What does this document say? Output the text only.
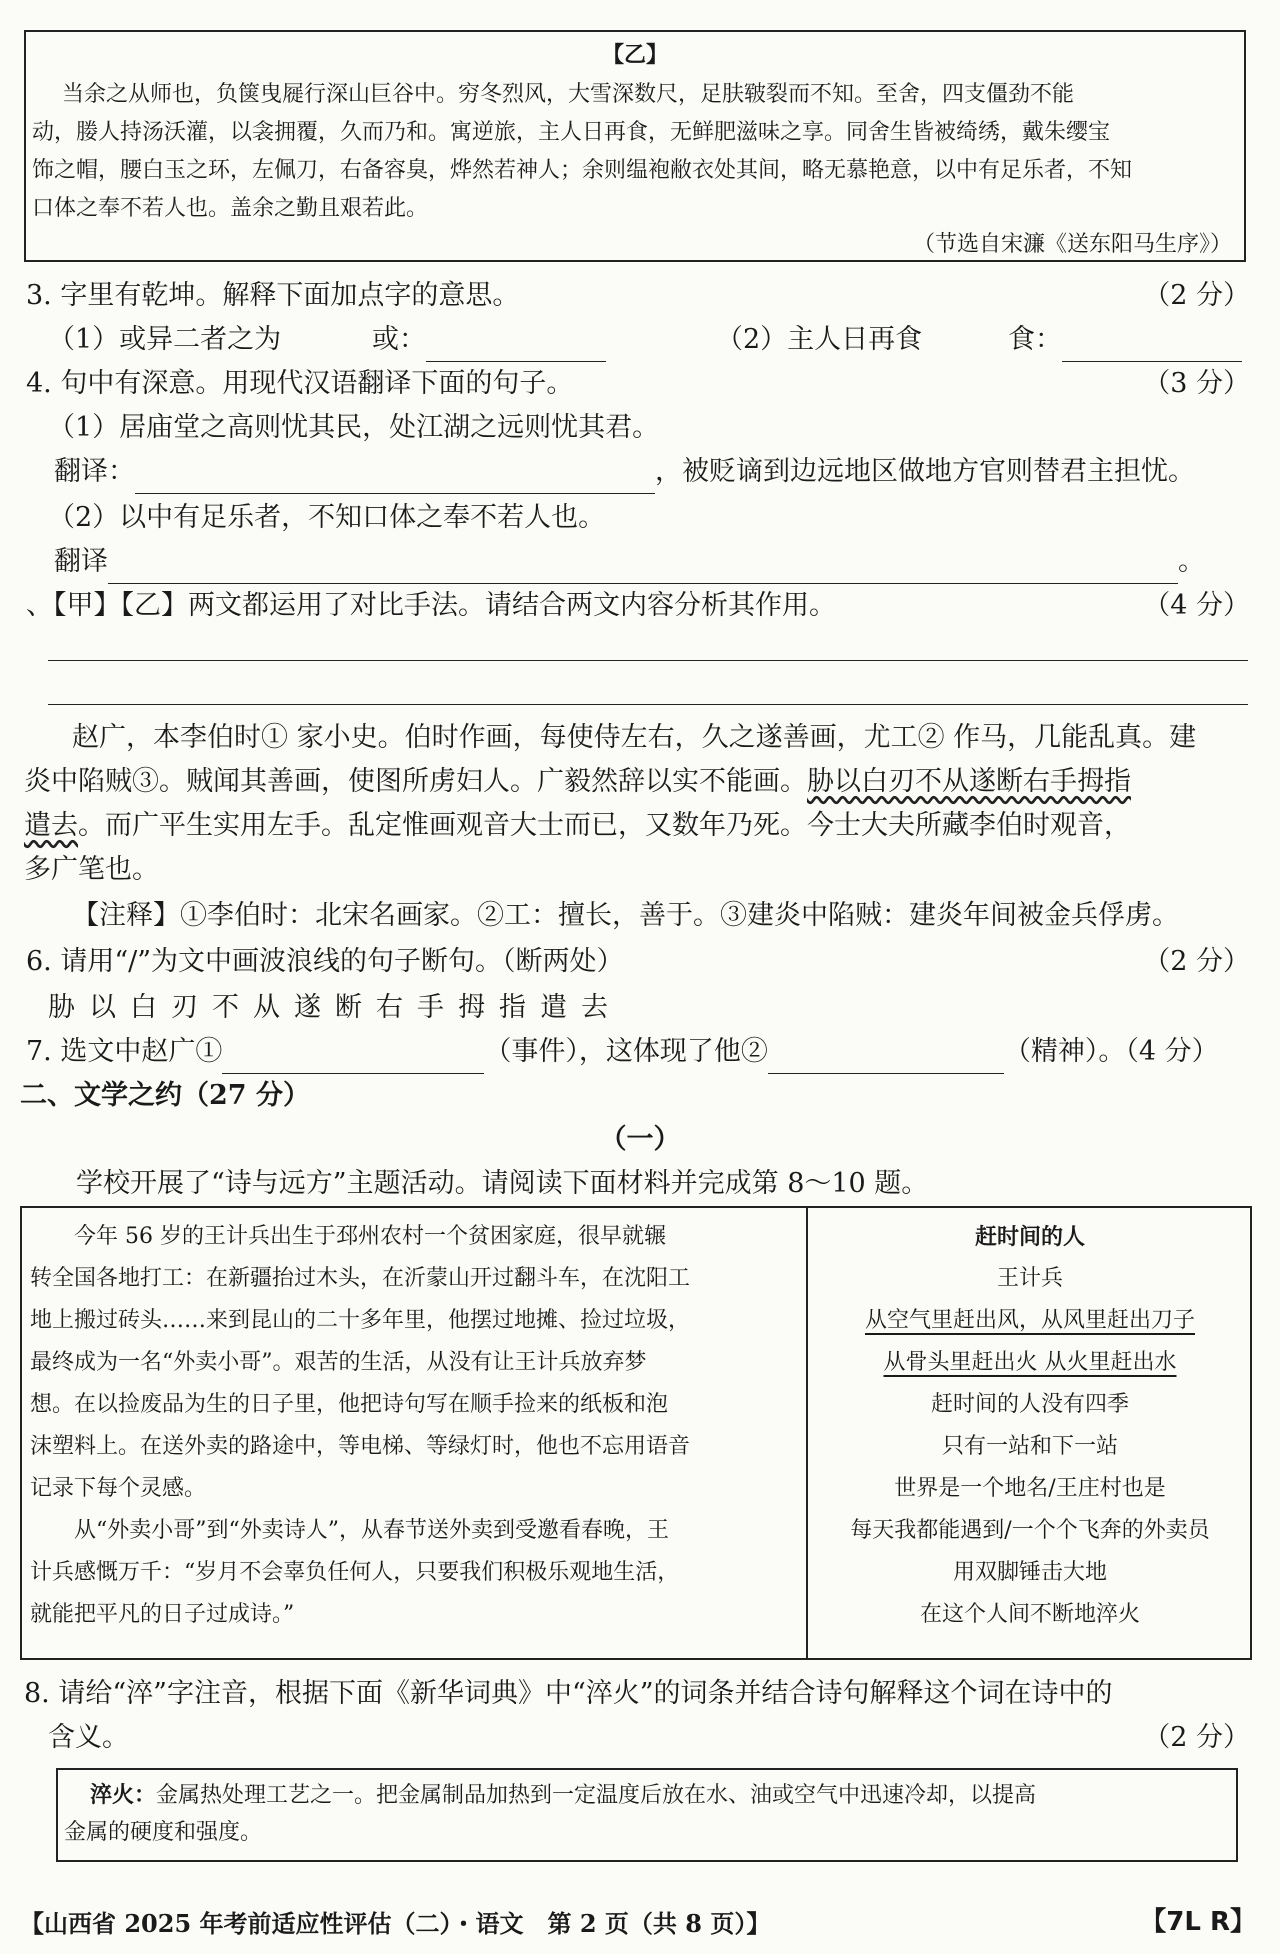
【乙】
当余之从师也，负箧曳屣行深山巨谷中。穷冬烈风，大雪深数尺，足肤皲裂而不知。至舍，四支僵劲不能
动，媵人持汤沃灌，以衾拥覆，久而乃和。寓逆旅，主人日再食，无鲜肥滋味之享。同舍生皆被绮绣，戴朱缨宝
饰之帽，腰白玉之环，左佩刀，右备容臭，烨然若神人；余则缊袍敝衣处其间，略无慕艳意，以中有足乐者，不知
口体之奉不若人也。盖余之勤且艰若此。
（节选自宋濂《送东阳马生序》）
3. 字里有乾坤。解释下面加点字的意思。	（2 分）
（1）或异二者之为	或：	（2）主人日再食	食：
4. 句中有深意。用现代汉语翻译下面的句子。	（3 分）
（1）居庙堂之高则忧其民，处江湖之远则忧其君。
翻译：	，被贬谪到边远地区做地方官则替君主担忧。
（2）以中有足乐者，不知口体之奉不若人也。
翻译	。
、【甲】【乙】两文都运用了对比手法。请结合两文内容分析其作用。	（4 分）
赵广，本李伯时① 家小史。伯时作画，每使侍左右，久之遂善画，尤工② 作马，几能乱真。建
炎中陷贼③。贼闻其善画，使图所虏妇人。广毅然辞以实不能画。胁以白刃不从遂断右手拇指
遣去。而广平生实用左手。乱定惟画观音大士而已，又数年乃死。今士大夫所藏李伯时观音，
多广笔也。
【注释】①李伯时：北宋名画家。②工：擅长，善于。③建炎中陷贼：建炎年间被金兵俘虏。
6. 请用“/”为文中画波浪线的句子断句。（断两处）	（2 分）
胁以白刃不从遂断右手拇指遣去
7. 选文中赵广①	（事件），这体现了他②	（精神）。（4 分）
二、文学之约（27 分）
（一）
学校开展了“诗与远方”主题活动。请阅读下面材料并完成第 8～10 题。
今年 56 岁的王计兵出生于邳州农村一个贫困家庭，很早就辗
转全国各地打工：在新疆抬过木头，在沂蒙山开过翻斗车，在沈阳工
地上搬过砖头……来到昆山的二十多年里，他摆过地摊、捡过垃圾，
最终成为一名“外卖小哥”。艰苦的生活，从没有让王计兵放弃梦
想。在以捡废品为生的日子里，他把诗句写在顺手捡来的纸板和泡
沫塑料上。在送外卖的路途中，等电梯、等绿灯时，他也不忘用语音
记录下每个灵感。
从“外卖小哥”到“外卖诗人”，从春节送外卖到受邀看春晚，王
计兵感慨万千：“岁月不会辜负任何人，只要我们积极乐观地生活，
就能把平凡的日子过成诗。”
赶时间的人
王计兵
从空气里赶出风，从风里赶出刀子
从骨头里赶出火 从火里赶出水
赶时间的人没有四季
只有一站和下一站
世界是一个地名/王庄村也是
每天我都能遇到/一个个飞奔的外卖员
用双脚锤击大地
在这个人间不断地淬火
8. 请给“淬”字注音，根据下面《新华词典》中“淬火”的词条并结合诗句解释这个词在诗中的
含义。	（2 分）
淬火：金属热处理工艺之一。把金属制品加热到一定温度后放在水、油或空气中迅速冷却，以提高
金属的硬度和强度。
【山西省 2025 年考前适应性评估（二）・语文　第 2 页（共 8 页）】	【7L R】
